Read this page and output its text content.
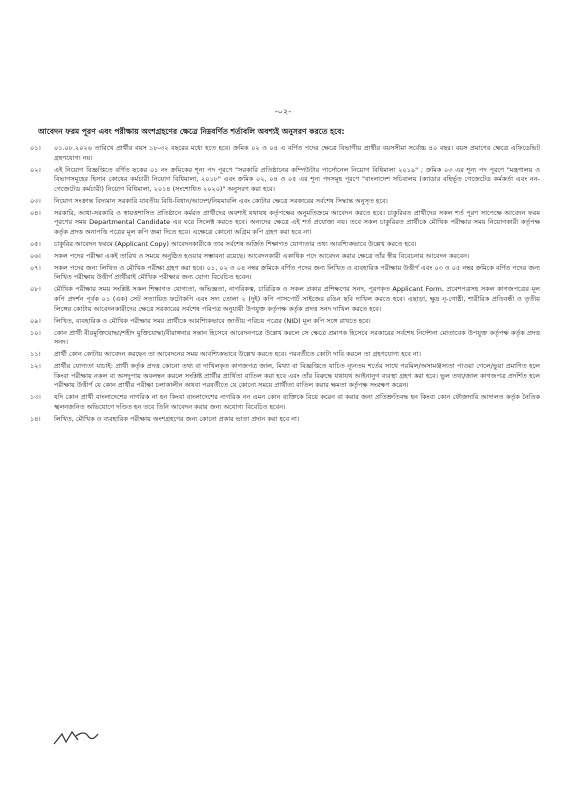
-০২-
আবেদন ফরম পূরণ এবং পরীক্ষায় অংশগ্রহণের ক্ষেত্রে নিম্নবর্ণিত শর্তাবলি অবশ্যই অনুসরণ করতে হবে:
০১।	০১.০৮.২০২৬ তারিখে প্রার্থীর বয়স ১৮-৩২ বছরের মধ্যে হতে হবে। ক্রমিক ০২ ও ০৪ এ বর্ণিত পদের ক্ষেত্রে বিভাগীয় প্রার্থীর বয়সসীমা সর্বোচ্চ ৪০ বছর। বয়স প্রমাণের ক্ষেত্রে এফিডেভিট গ্রহণযোগ্য নয়।
০২।	এই নিয়োগ বিজ্ঞপ্তিতে বর্ণিত ছকের ০১ নং ক্রমিকের শূন্য পদ পূরণে "সরকারি প্রতিষ্ঠানের কম্পিউটার পার্সোনেল নিয়োগ বিধিমালা ২০১৯" ; ক্রমিক ০৩ এর শূন্য পদ পূরণে "মন্ত্রণালয় ও বিভাগসমূহের হিসাব কোষের কর্মচারী নিয়োগ বিধিমালা, ২০১৮" এবং ক্রমিক ০২, ০৪ ও ০৫ এর শূন্য পদসমূহ পূরণে "বাংলাদেশ সচিবালয় (ক্যাডার বহির্ভূত গেজেটেড কর্মকর্তা এবং নন-গেজেটেড কর্মচারী) নিয়োগ বিধিমালা, ২০১৪ (সংশোধিত ২০২০)" অনুসরণ করা হবে।
০৩।	নিয়োগ সংক্রান্ত বিদ্যমান সরকারি যাবতীয় বিধি-বিধান/আদেশ/নিয়মাবলি এবং কোটার ক্ষেত্রে সরকারের সর্বশেষ সিদ্ধান্ত অনুসৃত হবে।
০৪।	সরকারি, আধা-সরকারি ও স্বায়ত্তশাসিত প্রতিষ্ঠানে কর্মরত প্রার্থীদের অবশ্যই যথাযথ কর্তৃপক্ষের অনুমতিক্রমে আবেদন করতে হবে। চাকুরিরত প্রার্থীদের সকল শর্ত পূরণ সাপেক্ষে আবেদন ফরম পূরণের সময় Departmental Candidate এর ঘরে সিলেক্ট করতে হবে। অন্যদের ক্ষেত্রে এই শর্ত প্রযোজ্য নয়। তবে সকল চাকুরিরত প্রার্থীকে মৌখিক পরীক্ষার সময় নিয়োগকারী কর্তৃপক্ষ কর্তৃক প্রদত্ত অনাপত্তি পত্রের মূল কপি জমা দিতে হবে। এক্ষেত্রে কোনো অগ্রিম কপি গ্রহণ করা হবে না।
০৫।	চাকুরির আবেদন ফরমে (Applicant Copy) আবেদনকারীকে তার সর্বশেষ অর্জিত শিক্ষাগত যোগ্যতার তথ্য আবশ্যিকভাবে উল্লেখ করতে হবে।
০৬।	সকল পদের পরীক্ষা একই তারিখ ও সময়ে অনুষ্ঠিত হওয়ার সম্ভাবনা রয়েছে। আবেদনকারী একাধিক পদে আবেদন করার ক্ষেত্রে তাঁর স্বীয় বিবেচনায় আবেদন করবেন।
০৭।	সকল পদের জন্য লিখিত ও মৌখিক পরীক্ষা গ্রহণ করা হবে। ০১, ০২ ও ০৪ নম্বর ক্রমিকে বর্ণিত পদের জন্য লিখিত ও ব্যবহারিক পরীক্ষায় উত্তীর্ণ এবং ০৩ ও ০৫ নম্বর ক্রমিকে বর্ণিত পদের জন্য লিখিত পরীক্ষায় উত্তীর্ণ প্রার্থীরাই মৌখিক পরীক্ষার জন্য যোগ্য বিবেচিত হবেন।
০৮।	মৌখিক পরীক্ষার সময় সংশ্লিষ্ট সকল শিক্ষাগত যোগ্যতা, অভিজ্ঞতা, নাগরিকত্ব, চারিত্রিক ও সকল প্রকার প্রশিক্ষণের সনদ, পূরণকৃত Applicant Form, প্রবেশপত্রসহ সকল কাগজপত্রের মূল কপি প্রদর্শন পূর্বক ০১ (এক) সেট সত্যায়িত ফটোকপি এবং সদ্য তোলা ২ (দুই) কপি পাসপোর্ট সাইজের রঙিন ছবি দাখিল করতে হবে। এছাড়া, ক্ষুদ্র নৃ-গোষ্ঠী, শারীরিক প্রতিবন্ধী ও তৃতীয় লিঙ্গের কোটায় আবেদনকারীদের ক্ষেত্রে সরকারের সর্বশেষ পরিপত্র অনুযায়ী উপযুক্ত কর্তৃপক্ষ কর্তৃক প্রদত্ত সনদ দাখিল করতে হবে।
০৯।	লিখিত, ব্যবহারিক ও মৌখিক পরীক্ষার সময় প্রার্থীকে আবশ্যিকভাবে জাতীয় পরিচয় পত্রের (NID) মূল কপি সঙ্গে রাখতে হবে।
১০।	কোন প্রার্থী বীরমুক্তিযোদ্ধা/শহীদ মুক্তিযোদ্ধা/বীরাঙ্গনার সন্তান হিসেবে আবেদনপত্রে উল্লেখ করলে সে ক্ষেত্রে প্রমাণক হিসেবে সরকারের সর্বশেষ নির্দেশনা মোতাবেক উপযুক্ত কর্তৃপক্ষ কর্তৃক প্রদত্ত সনদ।
১১।	প্রার্থী কোন কোটায় আবেদন করছেন তা আবেদনের সময় আবশ্যিকভাবে উল্লেখ করতে হবে। পরবর্তীতে কোটা দাবি করলে তা গ্রহণযোগ্য হবে না।
১২।	প্রার্থীর যোগ্যতা যাচাই: প্রার্থী কর্তৃক প্রদত্ত কোনো তথ্য বা দাখিলকৃত কাগজপত্র জাল, মিথ্যা বা বিজ্ঞপ্তিতে যাচিত ন্যূনতম শর্তের সাথে গরমিল/অসামঞ্জস্যতা পাওয়া গেলে/ভুয়া প্রমাণিত হলে কিংবা পরীক্ষায় নকল বা অসদুপায় অবলম্বন করলে সংশ্লিষ্ট প্রার্থীর প্রার্থিতা বাতিল করা হবে এবং তাঁর বিরুদ্ধে যথাযথ আইনানুগ ব্যবস্থা গ্রহণ করা হবে। ভুল তথ্য/জাল কাগজপত্র প্রদর্শিত হলে পরীক্ষায় উত্তীর্ণ যে কোন প্রার্থীর পরীক্ষা চলাকালীন অথবা পরবর্তীতে যে কোনো সময়ে প্রার্থীতা বাতিল করার ক্ষমতা কর্তৃপক্ষ সংরক্ষণ করেন।
১৩।	যদি কোন প্রার্থী বাংলাদেশের নাগরিক না হন কিংবা বাংলাদেশের নাগরিক নন এমন কোন ব্যক্তিকে বিয়ে করেন বা করার জন্য প্রতিশ্রুতিবদ্ধ হন কিংবা কোন ফৌজদারি আদালত কর্তৃক নৈতিক স্খলনজনিত অভিযোগে দণ্ডিত হন তবে তিনি আবেদন করার জন্য অযোগ্য বিবেচিত হবেন।
১৪।	লিখিত, মৌখিক ও ব্যবহারিক পরীক্ষায় অংশগ্রহণের জন্য কোনো প্রকার ভাতা প্রদান করা হবে না।
